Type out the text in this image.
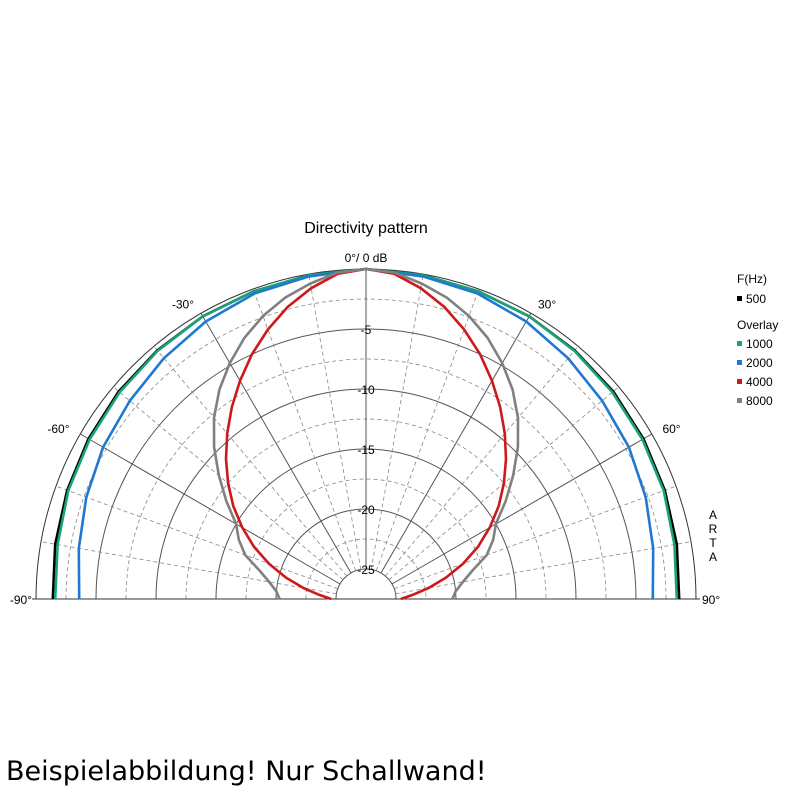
Directivity pattern
0°/ 0 dB
-5
-10
-15
-20
-25
-90°
-60°
-30°	30°
60°
90°
A
R
T
A
F(Hz)
500
Overlay
1000
2000
4000
8000
Beispielabbildung! Nur Schallwand!
